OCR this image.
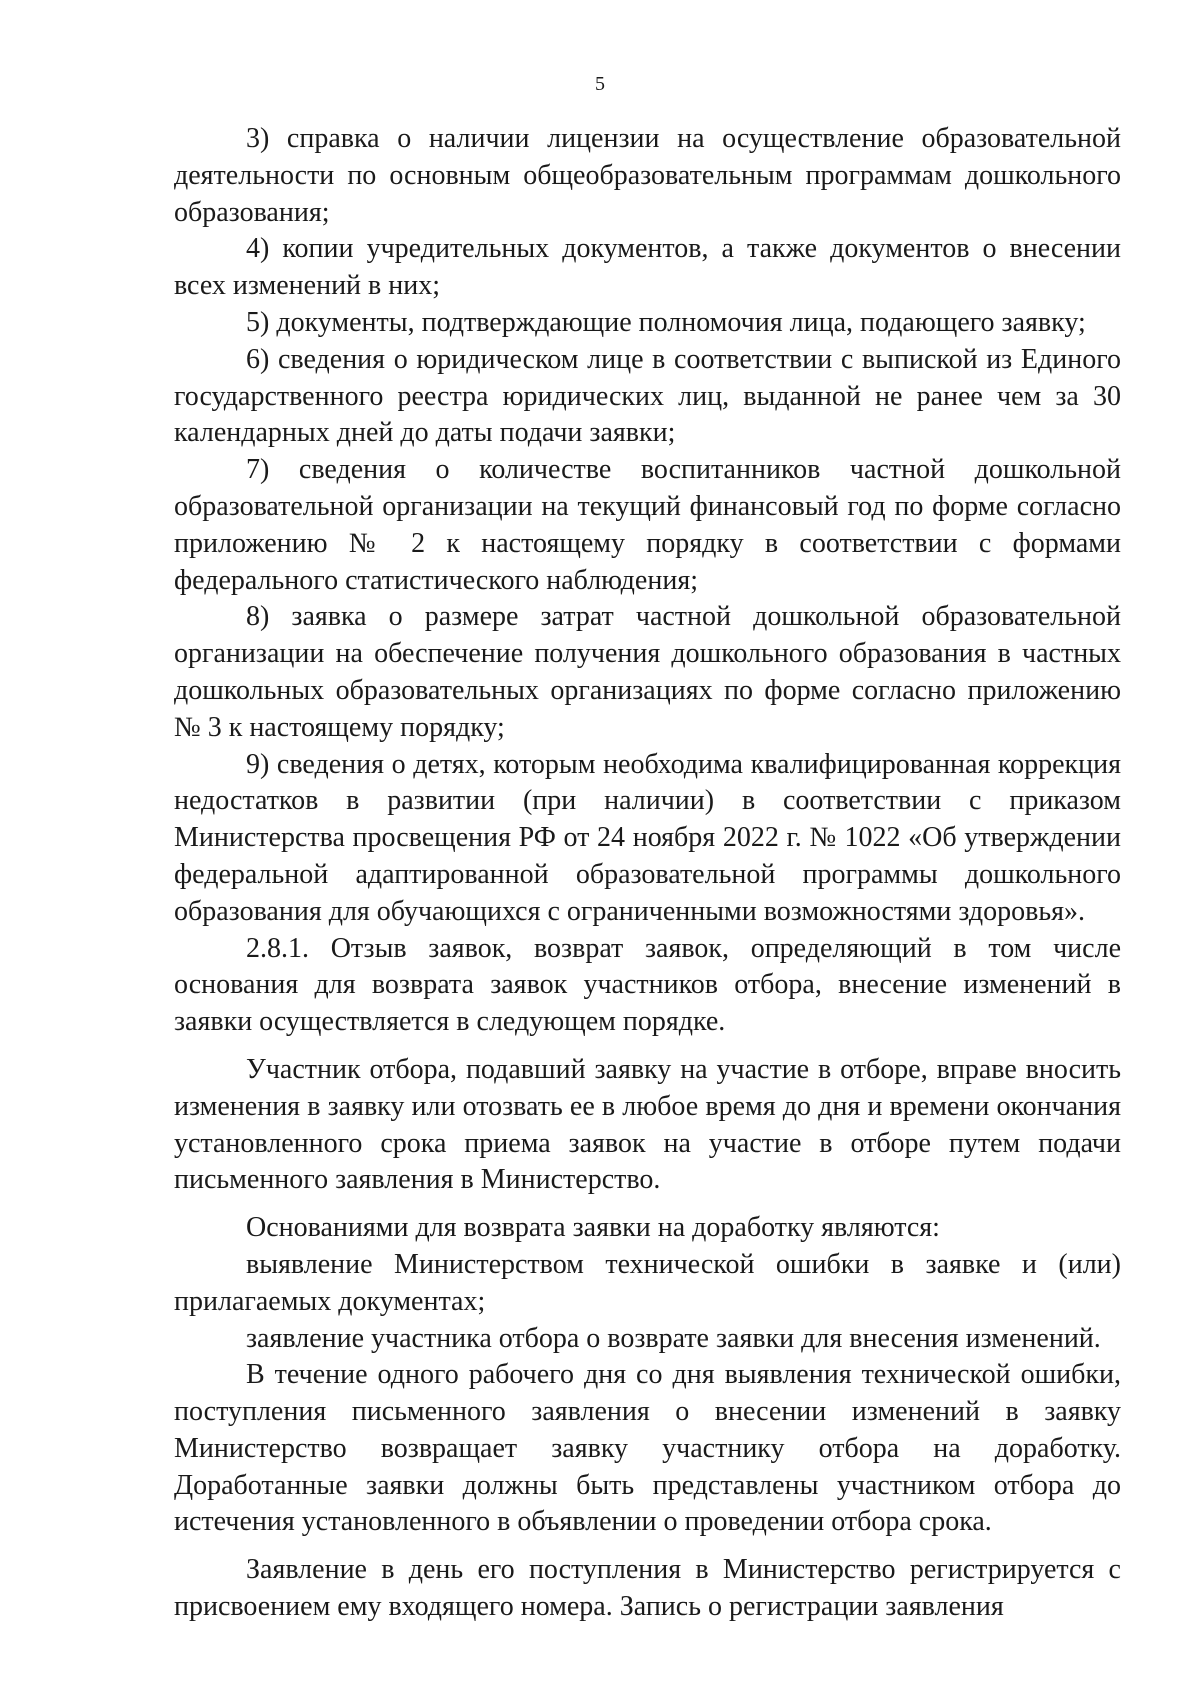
5

3) справка о наличии лицензии на осуществление образовательной деятельности по основным общеобразовательным программам дошкольного образования;

4) копии учредительных документов, а также документов о внесении всех изменений в них;

5) документы, подтверждающие полномочия лица, подающего заявку;

6) сведения о юридическом лице в соответствии с выпиской из Единого государственного реестра юридических лиц, выданной не ранее чем за 30 календарных дней до даты подачи заявки;

7) сведения о количестве воспитанников частной дошкольной образовательной организации на текущий финансовый год по форме согласно приложению № 2 к настоящему порядку в соответствии с формами федерального статистического наблюдения;

8) заявка о размере затрат частной дошкольной образовательной организации на обеспечение получения дошкольного образования в частных дошкольных образовательных организациях по форме согласно приложению № 3 к настоящему порядку;

9) сведения о детях, которым необходима квалифицированная коррекция недостатков в развитии (при наличии) в соответствии с приказом Министерства просвещения РФ от 24 ноября 2022 г. № 1022 «Об утверждении федеральной адаптированной образовательной программы дошкольного образования для обучающихся с ограниченными возможностями здоровья».

2.8.1. Отзыв заявок, возврат заявок, определяющий в том числе основания для возврата заявок участников отбора, внесение изменений в заявки осуществляется в следующем порядке.

Участник отбора, подавший заявку на участие в отборе, вправе вносить изменения в заявку или отозвать ее в любое время до дня и времени окончания установленного срока приема заявок на участие в отборе путем подачи письменного заявления в Министерство.

Основаниями для возврата заявки на доработку являются:

выявление Министерством технической ошибки в заявке и (или) прилагаемых документах;

заявление участника отбора о возврате заявки для внесения изменений.

В течение одного рабочего дня со дня выявления технической ошибки, поступления письменного заявления о внесении изменений в заявку Министерство возвращает заявку участнику отбора на доработку. Доработанные заявки должны быть представлены участником отбора до истечения установленного в объявлении о проведении отбора срока.

Заявление в день его поступления в Министерство регистрируется с присвоением ему входящего номера. Запись о регистрации заявления
